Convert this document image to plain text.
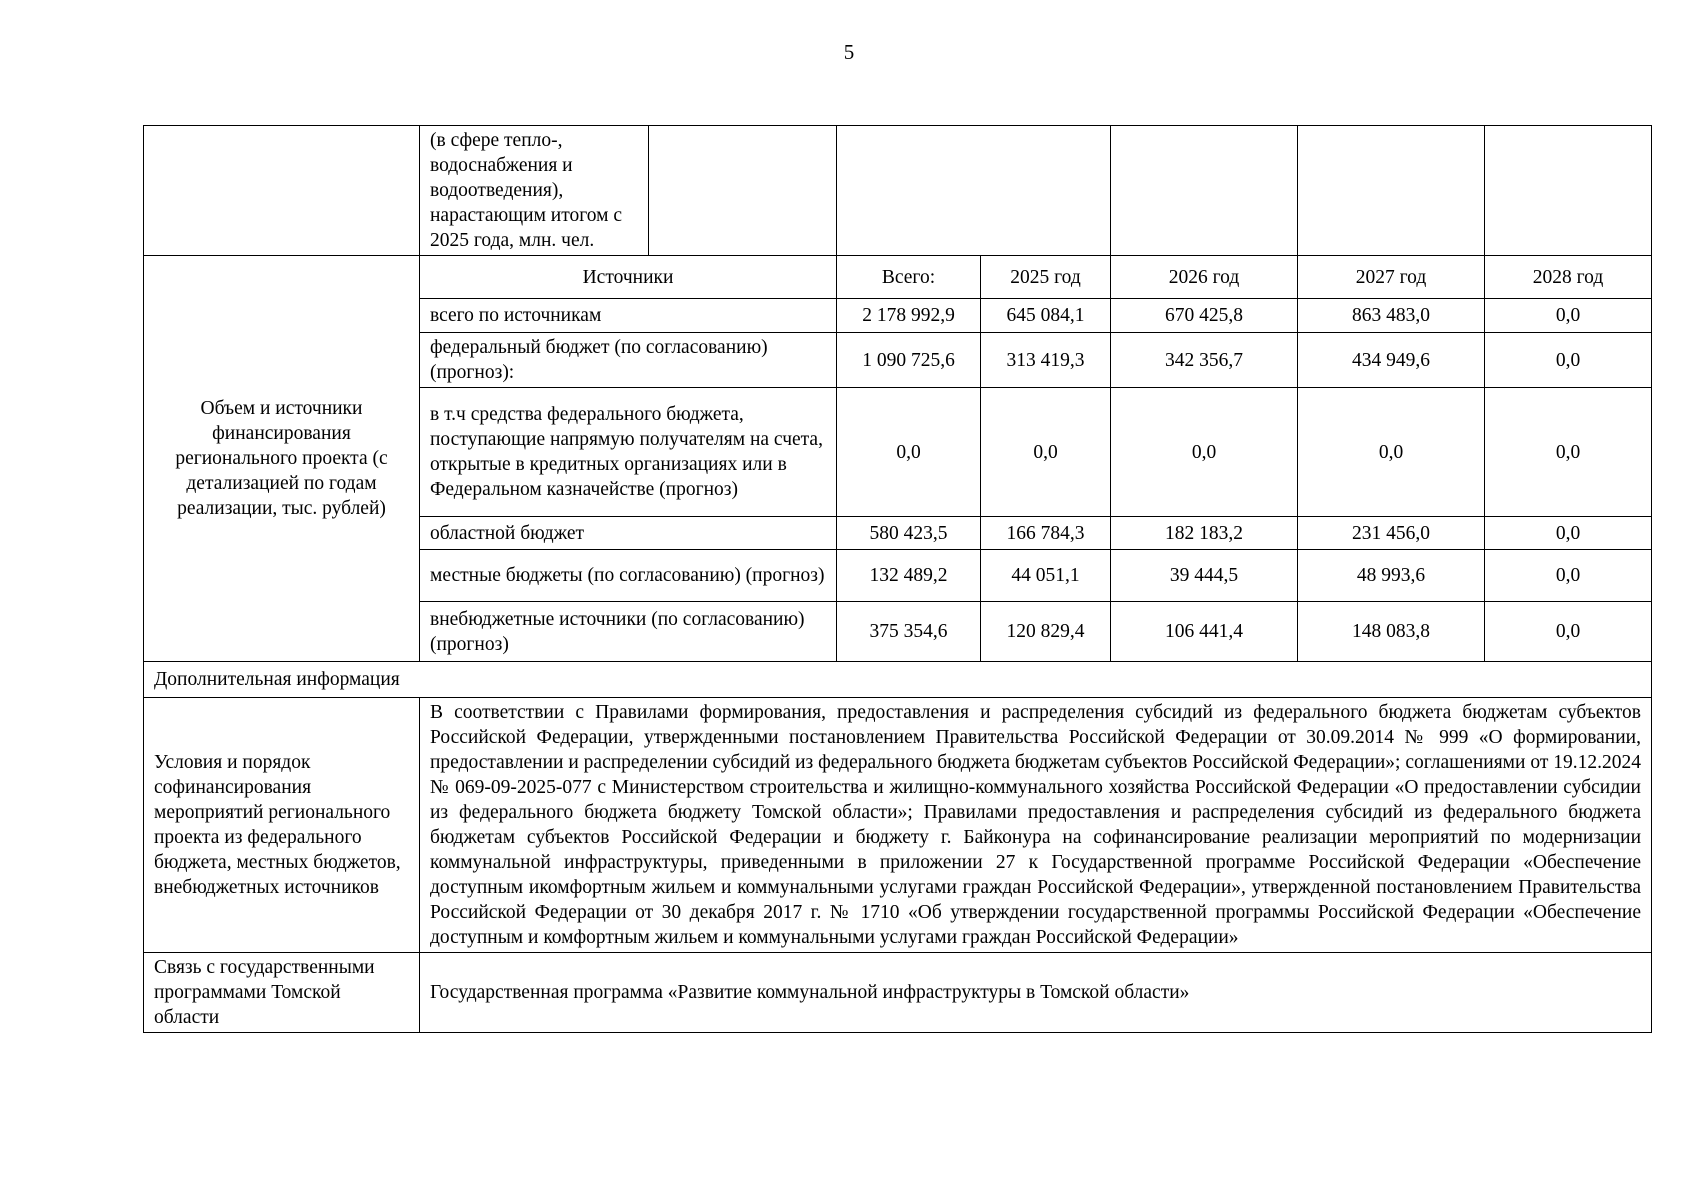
5
	(в сфере тепло-, водоснабжения и водоотведения), нарастающим итогом с 2025 года, млн. чел.						
Объем и источники финансирования регионального проекта (с детализацией по годам реализации, тыс. рублей)	Источники		Всего:	2025 год	2026 год	2027 год	2028 год
	всего по источникам		2 178 992,9	645 084,1	670 425,8	863 483,0	0,0
	федеральный бюджет (по согласованию) (прогноз):		1 090 725,6	313 419,3	342 356,7	434 949,6	0,0
	в т.ч средства федерального бюджета, поступающие напрямую получателям на счета, открытые в кредитных организациях или в Федеральном казначействе (прогноз)		0,0	0,0	0,0	0,0	0,0
	областной бюджет		580 423,5	166 784,3	182 183,2	231 456,0	0,0
	местные бюджеты (по согласованию) (прогноз)		132 489,2	44 051,1	39 444,5	48 993,6	0,0
	внебюджетные источники (по согласованию) (прогноз)		375 354,6	120 829,4	106 441,4	148 083,8	0,0
Дополнительная информация							
Условия и порядок софинансирования мероприятий регионального проекта из федерального бюджета, местных бюджетов, внебюджетных источников	В соответствии с Правилами формирования, предоставления и распределения субсидий из федерального бюджета бюджетам субъектов Российской Федерации, утвержденными постановлением Правительства Российской Федерации от 30.09.2014 № 999 «О формировании, предоставлении и распределении субсидий из федерального бюджета бюджетам субъектов Российской Федерации»; соглашениями от 19.12.2024 № 069-09-2025-077 с Министерством строительства и жилищно-коммунального хозяйства Российской Федерации «О предоставлении субсидии из федерального бюджета бюджету Томской области»; Правилами предоставления и распределения субсидий из федерального бюджета бюджетам субъектов Российской Федерации и бюджету г. Байконура на софинансирование реализации мероприятий по модернизации коммунальной инфраструктуры, приведенными в приложении 27 к Государственной программе Российской Федерации «Обеспечение доступным икомфортным жильем и коммунальными услугами граждан Российской Федерации», утвержденной постановлением Правительства Российской Федерации от 30 декабря 2017 г. № 1710 «Об утверждении государственной программы Российской Федерации «Обеспечение доступным и комфортным жильем и коммунальными услугами граждан Российской Федерации»						
Связь с государственными программами Томской области	Государственная программа «Развитие коммунальной инфраструктуры в Томской области»						
